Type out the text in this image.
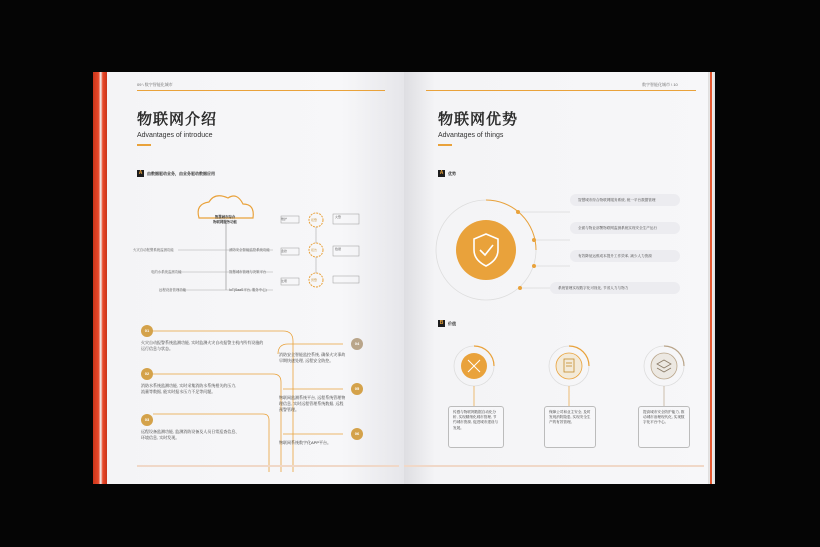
09 \ 数字智能化城市
物联网介绍
Advantages of introduce
A	由数据驱动业务，由业务驱动数据应用
智慧城市综合
物联网服务功能
火灾自动报警系统监测功能
电的水系统监测功能
远程设备管理功能
消防安全智能监控系统功能
智慧城市管理与决策平台
IoT(SaaS平台, 服务中心)
报警
报告
预警
维护
监控
处理
火警
数据
01
火灾自动报警系统监测功能, 实时监测火灾自动报警主机内所有设施的运行信息与状态。
02
消防水系统监测功能, 实时采集消防水系统相关的压力, 流量等数据, 能实时报水压力不足等问题。
03
远程设备监测功能, 监测消防设备及人员日常巡查信息、环境信息, 实时发现。
04
消防安全智能监控系统, 确保火灾事故早期快速处理, 远程安全防控。
05
物联网监测系统平台, 远程系统管理物理信息, 实时远程管理系统数据, 远程预警管理。
06
物联网系统数字化APP平台。
数字智能化城市 \ 10
物联网优势
Advantages of things
A	优势
智慧城市综合物联网服务系统, 统一平台数据管理
全面与物业部署物联网监测系统实现安全生产运行
有效降低运维成本提升工作效率, 减少人力资源
系统管理实现数字化可视化, 节省人力与物力
B	价值
传感与物联网数据自动化分析, 实现精细化城市管理, 节约城市资源, 促进城市建设与发展。
保障公司和业主安全, 及时发现消防隐患, 实现安全生产的有效管理。
提高城市安全防护能力, 推动城市治理现代化, 实现数字化平台中心。
